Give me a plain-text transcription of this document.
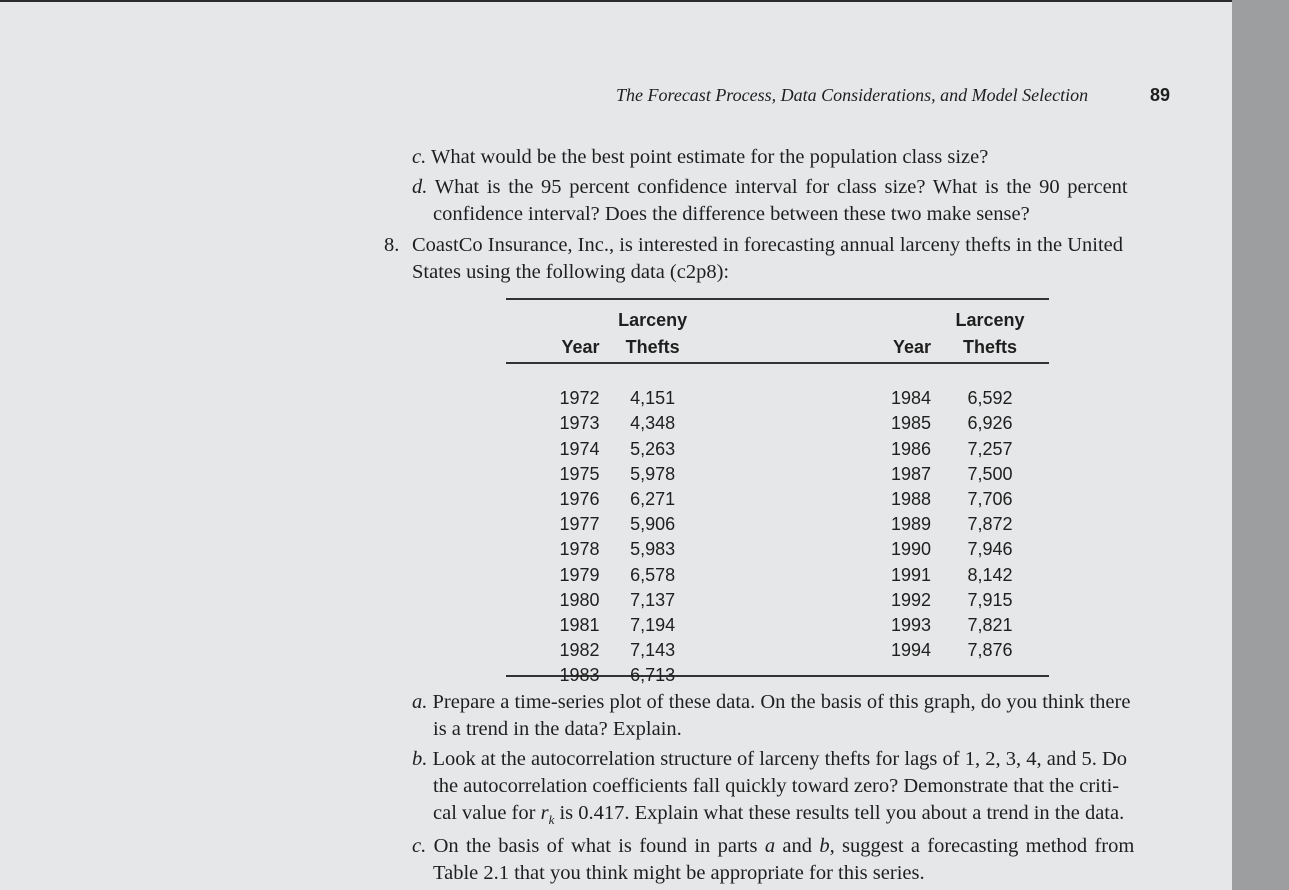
The Forecast Process, Data Considerations, and Model Selection	89
c. What would be the best point estimate for the population class size?
d. What is the 95 percent confidence interval for class size? What is the 90 percent
confidence interval? Does the difference between these two make sense?
8. CoastCo Insurance, Inc., is interested in forecasting annual larceny thefts in the United
States using the following data (c2p8):
	Larceny		Larceny
Year	Thefts	Year	Thefts

1972	4,151	1984	6,592
1973	4,348	1985	6,926
1974	5,263	1986	7,257
1975	5,978	1987	7,500
1976	6,271	1988	7,706
1977	5,906	1989	7,872
1978	5,983	1990	7,946
1979	6,578	1991	8,142
1980	7,137	1992	7,915
1981	7,194	1993	7,821
1982	7,143	1994	7,876
1983	6,713		
a. Prepare a time-series plot of these data. On the basis of this graph, do you think there
is a trend in the data? Explain.
b. Look at the autocorrelation structure of larceny thefts for lags of 1, 2, 3, 4, and 5. Do
the autocorrelation coefficients fall quickly toward zero? Demonstrate that the criti-
cal value for $r_k$ is 0.417. Explain what these results tell you about a trend in the data.
c. On the basis of what is found in parts a and b, suggest a forecasting method from
Table 2.1 that you think might be appropriate for this series.
